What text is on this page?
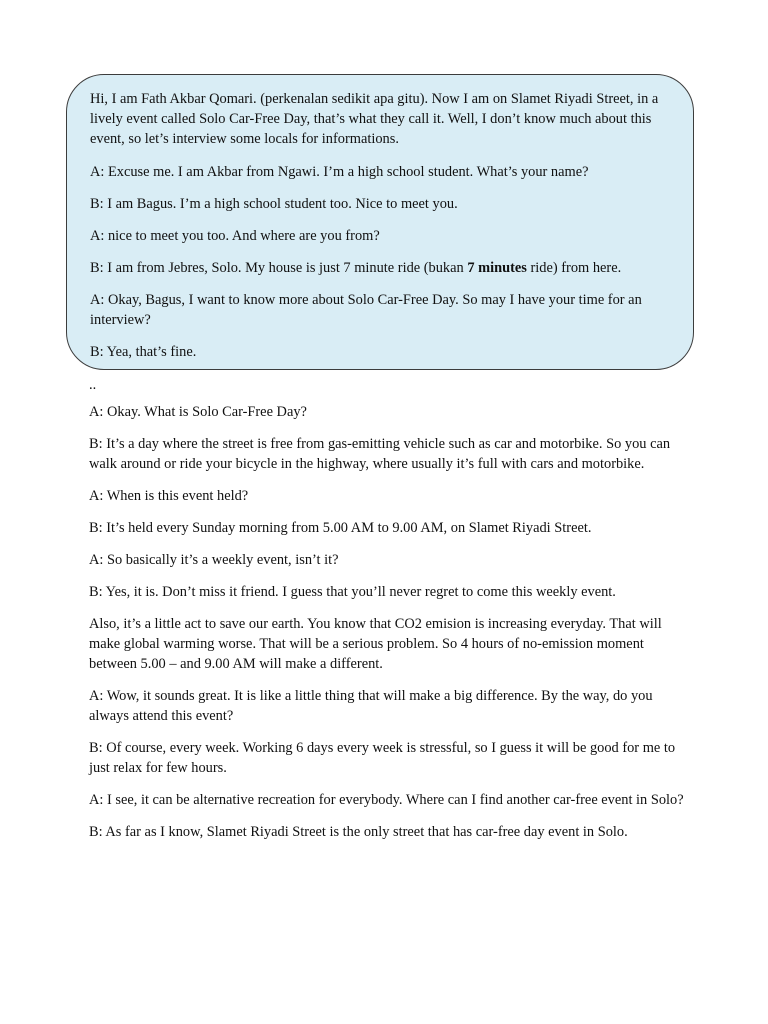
Hi, I am Fath Akbar Qomari. (perkenalan sedikit apa gitu). Now I am on Slamet Riyadi Street, in a lively event called Solo Car-Free Day, that’s what they call it. Well, I don’t know much about this event, so let’s interview some locals for informations.

A: Excuse me. I am Akbar from Ngawi. I’m a high school student. What’s your name?

B: I am Bagus. I’m a high school student too. Nice to meet you.

A: nice to meet you too. And where are you from?

B: I am from Jebres, Solo. My house is just 7 minute ride (bukan 7 minutes ride) from here.

A: Okay, Bagus, I want to know more about Solo Car-Free Day. So may I have your time for an interview?

B: Yea, that’s fine.

..

A: Okay. What is Solo Car-Free Day?

B: It’s a day where the street is free from gas-emitting vehicle such as car and motorbike. So you can walk around or ride your bicycle in the highway, where usually it’s full with cars and motorbike.

A: When is this event held?

B: It’s held every Sunday morning from 5.00 AM to 9.00 AM, on Slamet Riyadi Street.

A: So basically it’s a weekly event, isn’t it?

B: Yes, it is. Don’t miss it friend. I guess that you’ll never regret to come this weekly event.

Also, it’s a little act to save our earth. You know that CO2 emision is increasing everyday. That will make global warming worse. That will be a serious problem. So 4 hours of no-emission moment between 5.00 – and 9.00 AM will make a different.

A: Wow, it sounds great. It is like a little thing that will make a big difference. By the way, do you always attend this event?

B: Of course, every week. Working 6 days every week is stressful, so I guess it will be good for me to just relax for few hours.

A: I see, it can be alternative recreation for everybody. Where can I find another car-free event in Solo?

B: As far as I know, Slamet Riyadi Street is the only street that has car-free day event in Solo.
